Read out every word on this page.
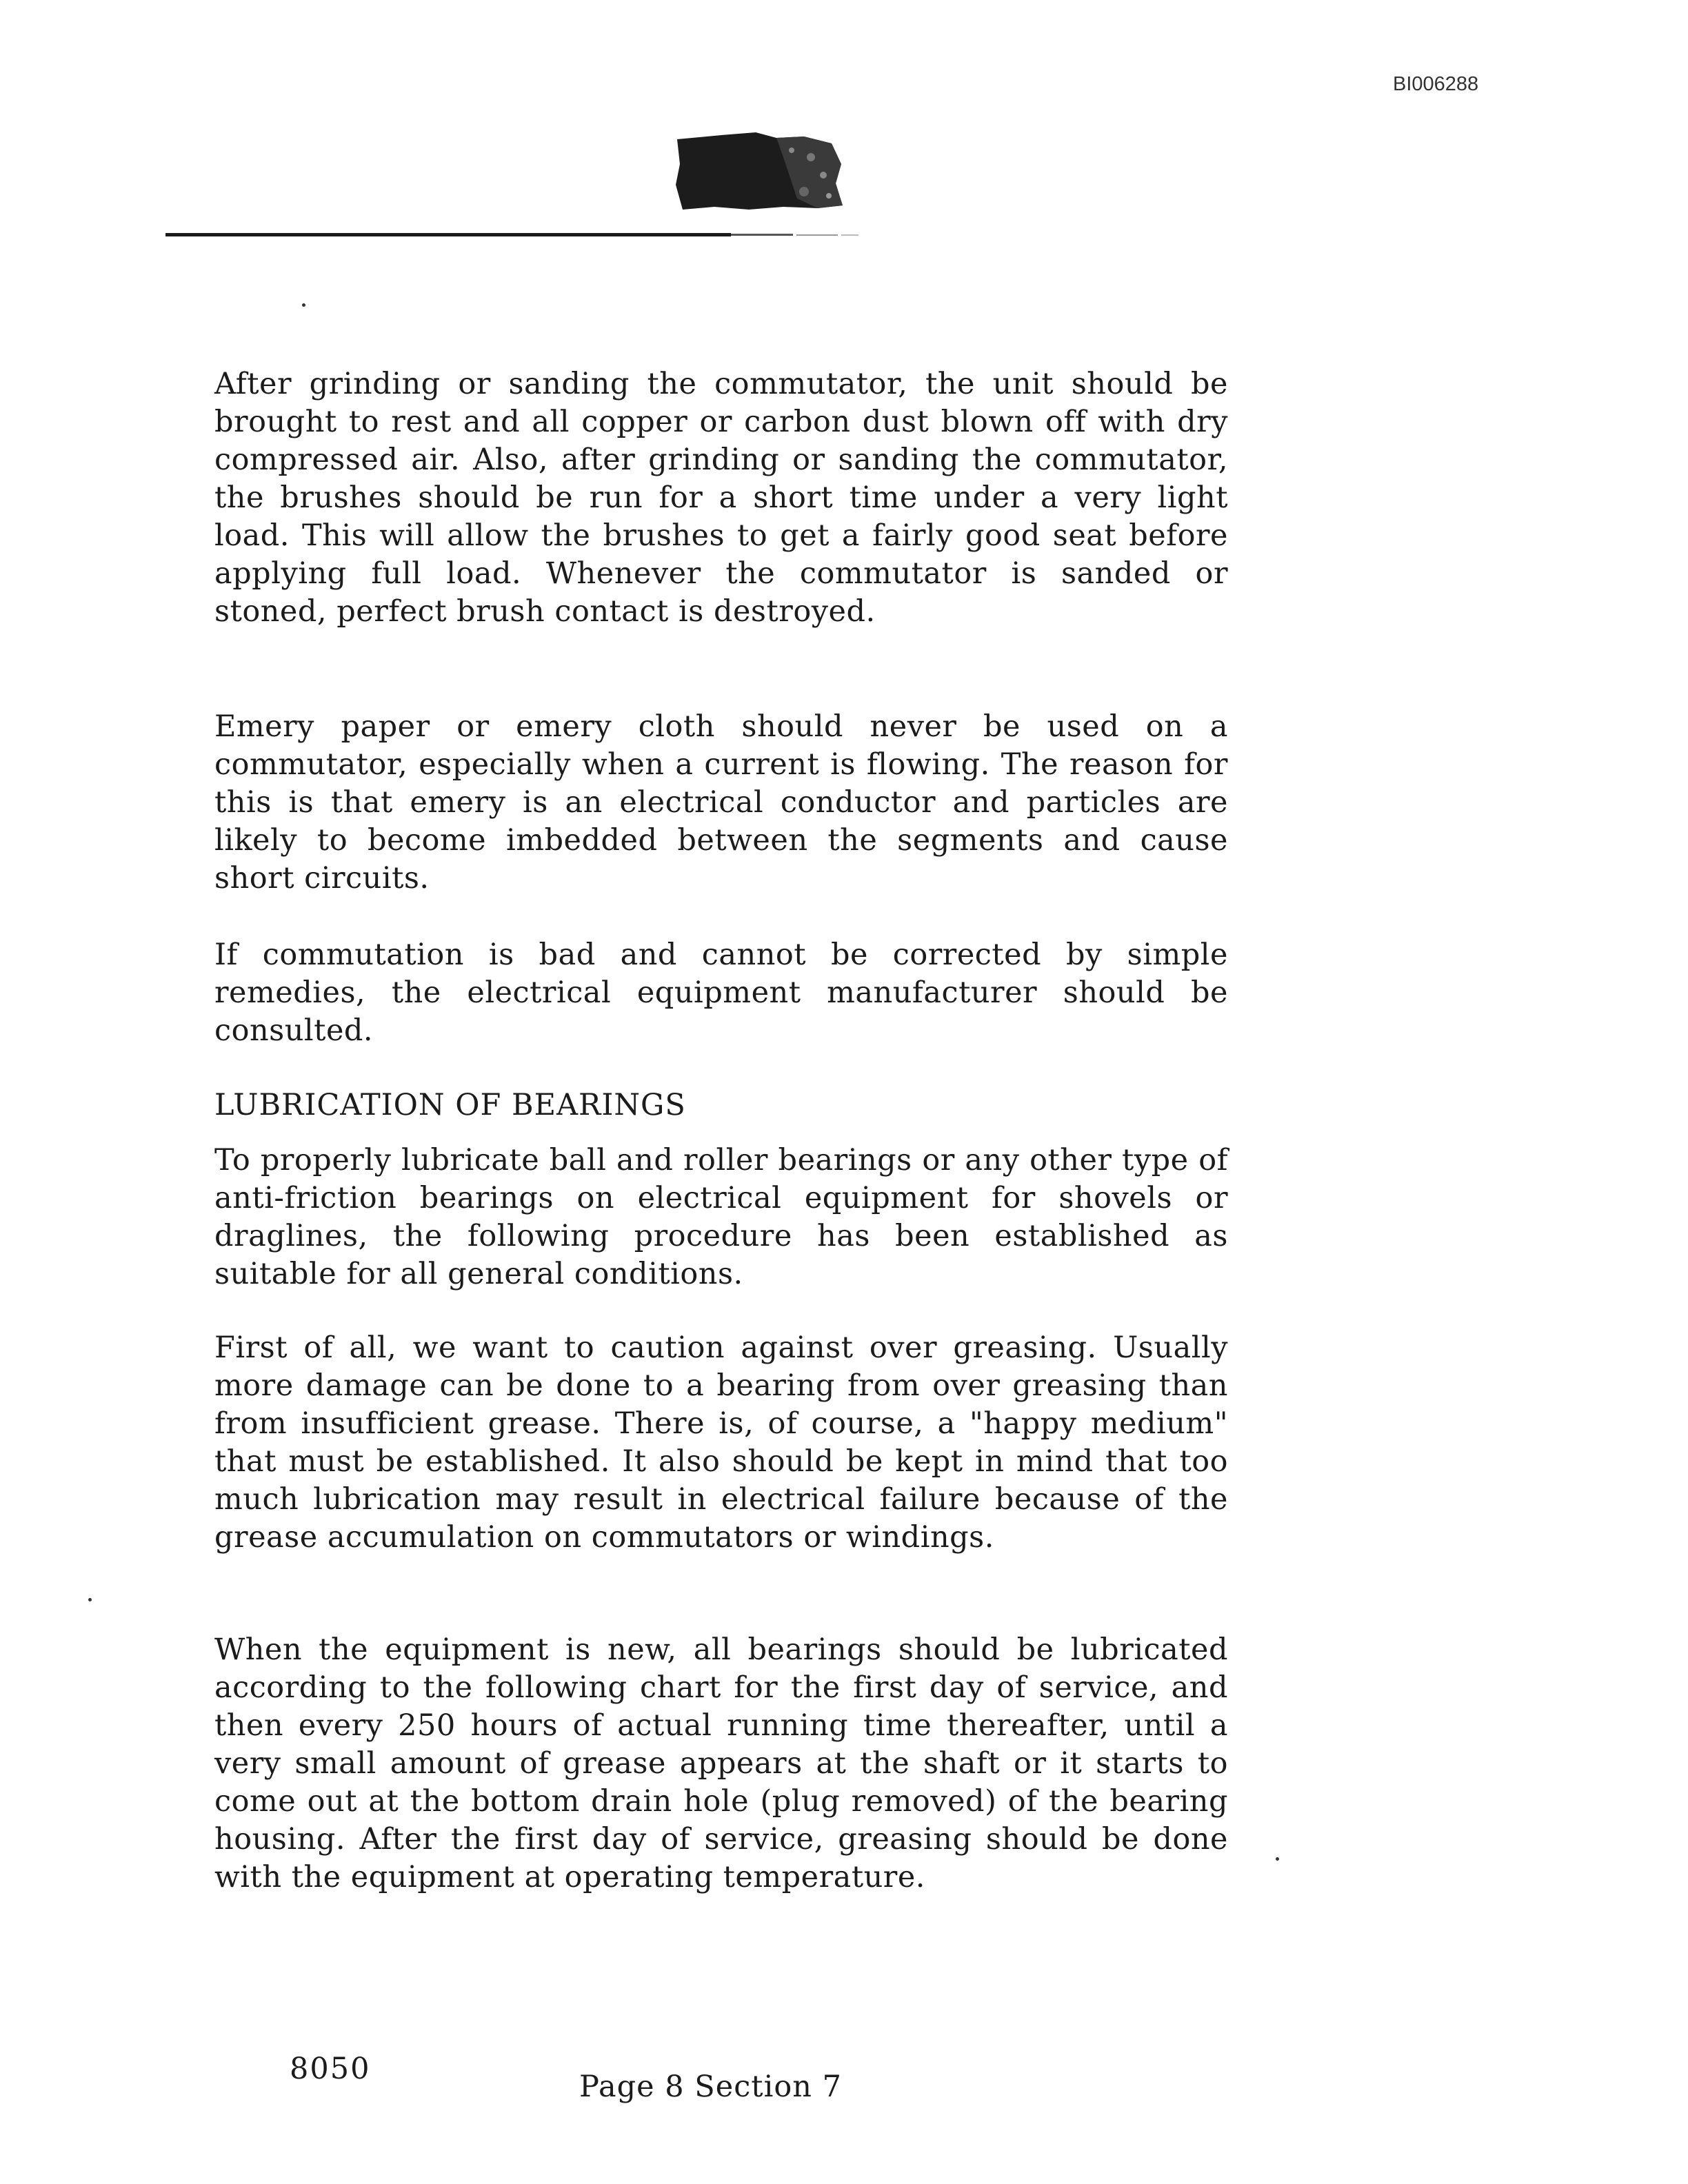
BI006288

After grinding or sanding the commutator, the unit should be brought to rest and all copper or carbon dust blown off with dry compressed air. Also, after grinding or sanding the commutator, the brushes should be run for a short time under a very light load. This will allow the brushes to get a fairly good seat before applying full load. Whenever the commutator is sanded or stoned, perfect brush contact is destroyed.

Emery paper or emery cloth should never be used on a commutator, especially when a current is flowing. The reason for this is that emery is an electrical conductor and particles are likely to become imbedded between the segments and cause short circuits.

If commutation is bad and cannot be corrected by simple remedies, the electrical equipment manufacturer should be consulted.

LUBRICATION OF BEARINGS

To properly lubricate ball and roller bearings or any other type of anti-friction bearings on electrical equipment for shovels or draglines, the following procedure has been established as suitable for all general conditions.

First of all, we want to caution against over greasing. Usually more damage can be done to a bearing from over greasing than from insufficient grease. There is, of course, a "happy medium" that must be established. It also should be kept in mind that too much lubrication may result in electrical failure because of the grease accumulation on commutators or windings.

When the equipment is new, all bearings should be lubricated according to the following chart for the first day of service, and then every 250 hours of actual running time thereafter, until a very small amount of grease appears at the shaft or it starts to come out at the bottom drain hole (plug removed) of the bearing housing. After the first day of service, greasing should be done with the equipment at operating temperature.

8050
Page 8 Section 7
